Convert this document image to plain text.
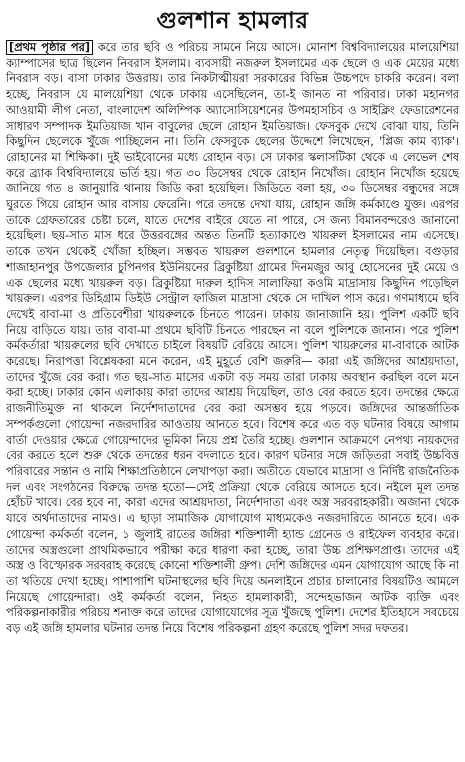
গুলশান হামলার

[প্রথম পৃষ্ঠার পর] করে তার ছবি ও পরিচয় সামনে নিয়ে আসে। মোনাশ বিশ্ববিদ্যালয়ের মালয়েশিয়া ক্যাম্পাসের ছাত্র ছিলেন নিবরাস ইসলাম। ব্যবসায়ী নজরুল ইসলামের এক ছেলে ও এক মেয়ের মধ্যে নিবরাস বড়। বাসা ঢাকার উত্তরায়। তার নিকটাত্মীয়রা সরকারের বিভিন্ন উচ্চপদে চাকরি করেন। বলা হচ্ছে, নিবরাস যে মালয়েশিয়া থেকে ঢাকায় এসেছিলেন, তা-ই জানত না পরিবার। ঢাকা মহানগর আওয়ামী লীগ নেতা, বাংলাদেশ অলিম্পিক অ্যাসোসিয়েশনের উপমহাসচিব ও সাইক্লিং ফেডারেশনের সাধারণ সম্পাদক ইমতিয়াজ খান বাবুলের ছেলে রোহান ইমতিয়াজ। ফেসবুক দেখে বোঝা যায়, তিনি কিছুদিন ছেলেকে খুঁজে পাচ্ছিলেন না। তিনি ফেসবুকে ছেলের উদ্দেশে লিখেছেন, 'প্লিজ কাম ব্যাক'। রোহানের মা শিক্ষিকা। দুই ভাইবোনের মধ্যে রোহান বড়। সে ঢাকার স্কলাসটিকা থেকে এ লেভেল শেষ করে ব্র্যাক বিশ্ববিদ্যালয়ে ভর্তি হয়। গত ৩০ ডিসেম্বর থেকে রোহান নিখোঁজ। রোহান নিখোঁজ হয়েছে জানিয়ে গত ৪ জানুয়ারি থানায় জিডি করা হয়েছিল। জিডিতে বলা হয়, ৩০ ডিসেম্বর বন্ধুদের সঙ্গে ঘুরতে গিয়ে রোহান আর বাসায় ফেরেনি। পরে তদন্তে দেখা যায়, রোহান জঙ্গি কর্মকাণ্ডে যুক্ত। এরপর তাকে গ্রেফতারের চেষ্টা চলে, যাতে দেশের বাইরে যেতে না পারে, সে জন্য বিমানবন্দরেও জানানো হয়েছিল। ছয়-সাত মাস ধরে উত্তরবঙ্গের অন্তত তিনটি হত্যাকাণ্ডে খায়রুল ইসলামের নাম এসেছে। তাকে তখন থেকেই খোঁজা হচ্ছিল। সম্ভবত খায়রুল গুলশানে হামলার নেতৃত্ব দিয়েছিল। বগুড়ার শাজাহানপুর উপজেলার চুপিনগর ইউনিয়নের ব্রিকুষ্টিয়া গ্রামের দিনমজুর আবু হোসেনের দুই মেয়ে ও এক ছেলের মধ্যে খায়রুল বড়। ব্রিকুষ্টিয়া দারুল হাদিস সালাফিয়া কওমি মাদ্রাসায় কিছুদিন পড়েছিল খায়রুল। এরপর ডিহিগ্রাম ডিইউ সেন্ট্রাল ফাজিল মাদ্রাসা থেকে সে দাখিল পাস করে। গণমাধ্যমে ছবি দেখেই বাবা-মা ও প্রতিবেশীরা খায়রুলকে চিনতে পারেন। ঢাকায় জানাজানি হয়। পুলিশ একটি ছবি নিয়ে বাড়িতে যায়। তার বাবা-মা প্রথমে ছবিটি চিনতে পারছেন না বলে পুলিশকে জানান। পরে পুলিশ কর্মকর্তারা খায়রুলের ছবি দেখাতে চাইলে বিষয়টি বেরিয়ে আসে। পুলিশ খায়রুলের মা-বাবাকে আটক করেছে। নিরাপত্তা বিশ্লেষকরা মনে করেন, এই মুহূর্তে বেশি জরুরি— কারা এই জঙ্গিদের আশ্রয়দাতা, তাদের খুঁজে বের করা। গত ছয়-সাত মাসের একটা বড় সময় তারা ঢাকায় অবস্থান করছিল বলে মনে করা হচ্ছে। ঢাকার কোন এলাকায় কারা তাদের আশ্রয় দিয়েছিল, তাও বের করতে হবে। তদন্তের ক্ষেত্রে রাজনীতিমুক্ত না থাকলে নির্দেশদাতাদের বের করা অসম্ভব হয়ে পড়বে। জঙ্গিদের আন্তর্জাতিক সম্পর্কগুলো গোয়েন্দা নজরদারির আওতায় আনতে হবে। বিশেষ করে এত বড় ঘটনার বিষয়ে আগাম বার্তা দেওয়ার ক্ষেত্রে গোয়েন্দাদের ভূমিকা নিয়ে প্রশ্ন তৈরি হচ্ছে। গুলশান আক্রমণে নেপথ্য নায়কদের বের করতে হলে শুরু থেকে তদন্তের ধরন বদলাতে হবে। কারণ ঘটনার সঙ্গে জড়িতরা সবাই উচ্চবিত্ত পরিবারের সন্তান ও নামি শিক্ষাপ্রতিষ্ঠানে লেখাপড়া করা। অতীতে যেভাবে মাদ্রাসা ও নির্দিষ্ট রাজনৈতিক দল এবং সংগঠনের বিরুদ্ধে তদন্ত হতো—সেই প্রক্রিয়া থেকে বেরিয়ে আসতে হবে। নইলে মূল তদন্ত হোঁচট খাবে। বের হবে না, কারা এদের আশ্রয়দাতা, নির্দেশদাতা এবং অস্ত্র সরবরাহকারী। অজানা থেকে যাবে অর্থদাতাদের নামও। এ ছাড়া সামাজিক যোগাযোগ মাধ্যমকেও নজরদারিতে আনতে হবে। এক গোয়েন্দা কর্মকর্তা বলেন, ১ জুলাই রাতের জঙ্গিরা শক্তিশালী হ্যান্ড গ্রেনেড ও রাইফেল ব্যবহার করে। তাদের অস্ত্রগুলো প্রাথমিকভাবে পরীক্ষা করে ধারণা করা হচ্ছে, তারা উচ্চ প্রশিক্ষণপ্রাপ্ত। তাদের এই অস্ত্র ও বিস্ফোরক সরবরাহ করেছে কোনো শক্তিশালী গ্রুপ। দেশি জঙ্গিদের এমন যোগাযোগ আছে কি না তা খতিয়ে দেখা হচ্ছে। পাশাপাশি ঘটনাস্থলের ছবি দিয়ে অনলাইনে প্রচার চালানোর বিষয়টিও আমলে নিয়েছে গোয়েন্দারা। ওই কর্মকর্তা বলেন, নিহত হামলাকারী, সন্দেহভাজন আটক ব্যক্তি এবং পরিকল্পনাকারীর পরিচয় শনাক্ত করে তাদের যোগাযোগের সূত্র খুঁজছে পুলিশ। দেশের ইতিহাসে সবচেয়ে বড় এই জঙ্গি হামলার ঘটনার তদন্ত নিয়ে বিশেষ পরিকল্পনা গ্রহণ করেছে পুলিশ সদর দফতর।
